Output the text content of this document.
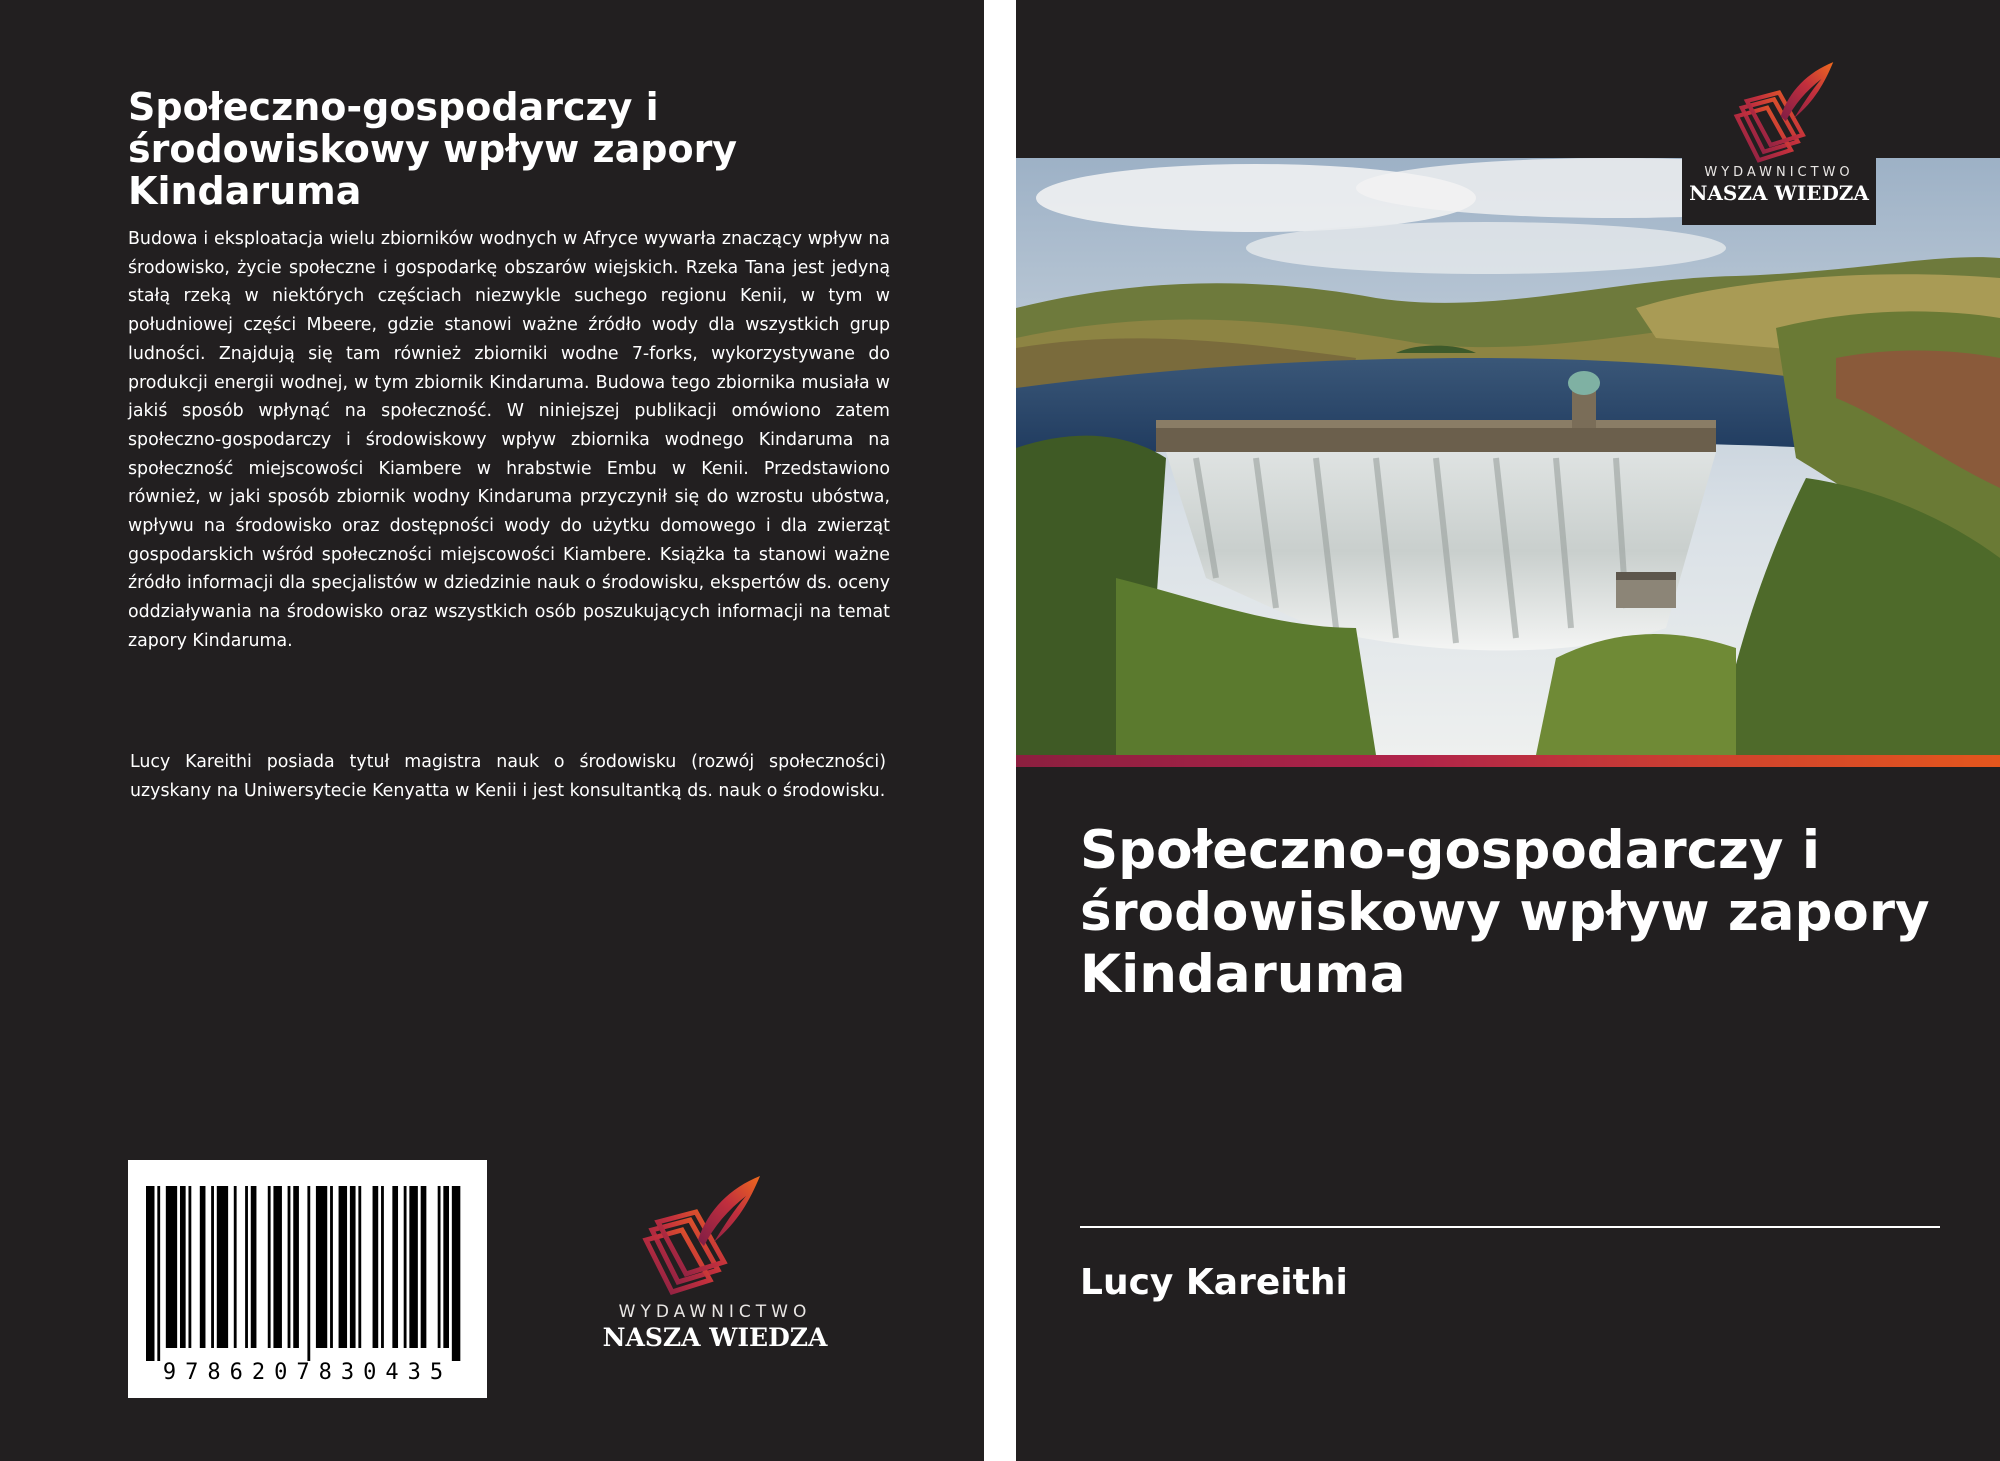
Społeczno-gospodarczy i środowiskowy wpływ zapory Kindaruma

Budowa i eksploatacja wielu zbiorników wodnych w Afryce wywarła znaczący wpływ na środowisko, życie społeczne i gospodarkę obszarów wiejskich. Rzeka Tana jest jedyną stałą rzeką w niektórych częściach niezwykle suchego regionu Kenii, w tym w południowej części Mbeere, gdzie stanowi ważne źródło wody dla wszystkich grup ludności. Znajdują się tam również zbiorniki wodne 7-forks, wykorzystywane do produkcji energii wodnej, w tym zbiornik Kindaruma. Budowa tego zbiornika musiała w jakiś sposób wpłynąć na społeczność. W niniejszej publikacji omówiono zatem społeczno-gospodarczy i środowiskowy wpływ zbiornika wodnego Kindaruma na społeczność miejscowości Kiambere w hrabstwie Embu w Kenii. Przedstawiono również, w jaki sposób zbiornik wodny Kindaruma przyczynił się do wzrostu ubóstwa, wpływu na środowisko oraz dostępności wody do użytku domowego i dla zwierząt gospodarskich wśród społeczności miejscowości Kiambere. Książka ta stanowi ważne źródło informacji dla specjalistów w dziedzinie nauk o środowisku, ekspertów ds. oceny oddziaływania na środowisko oraz wszystkich osób poszukujących informacji na temat zapory Kindaruma.

Lucy Kareithi posiada tytuł magistra nauk o środowisku (rozwój społeczności) uzyskany na Uniwersytecie Kenyatta w Kenii i jest konsultantką ds. nauk o środowisku.

9786207830435
WYDAWNICTWO
NASZA WIEDZA
WYDAWNICTWO
NASZA WIEDZA
Społeczno-gospodarczy i środowiskowy wpływ zapory Kindaruma
Lucy Kareithi
